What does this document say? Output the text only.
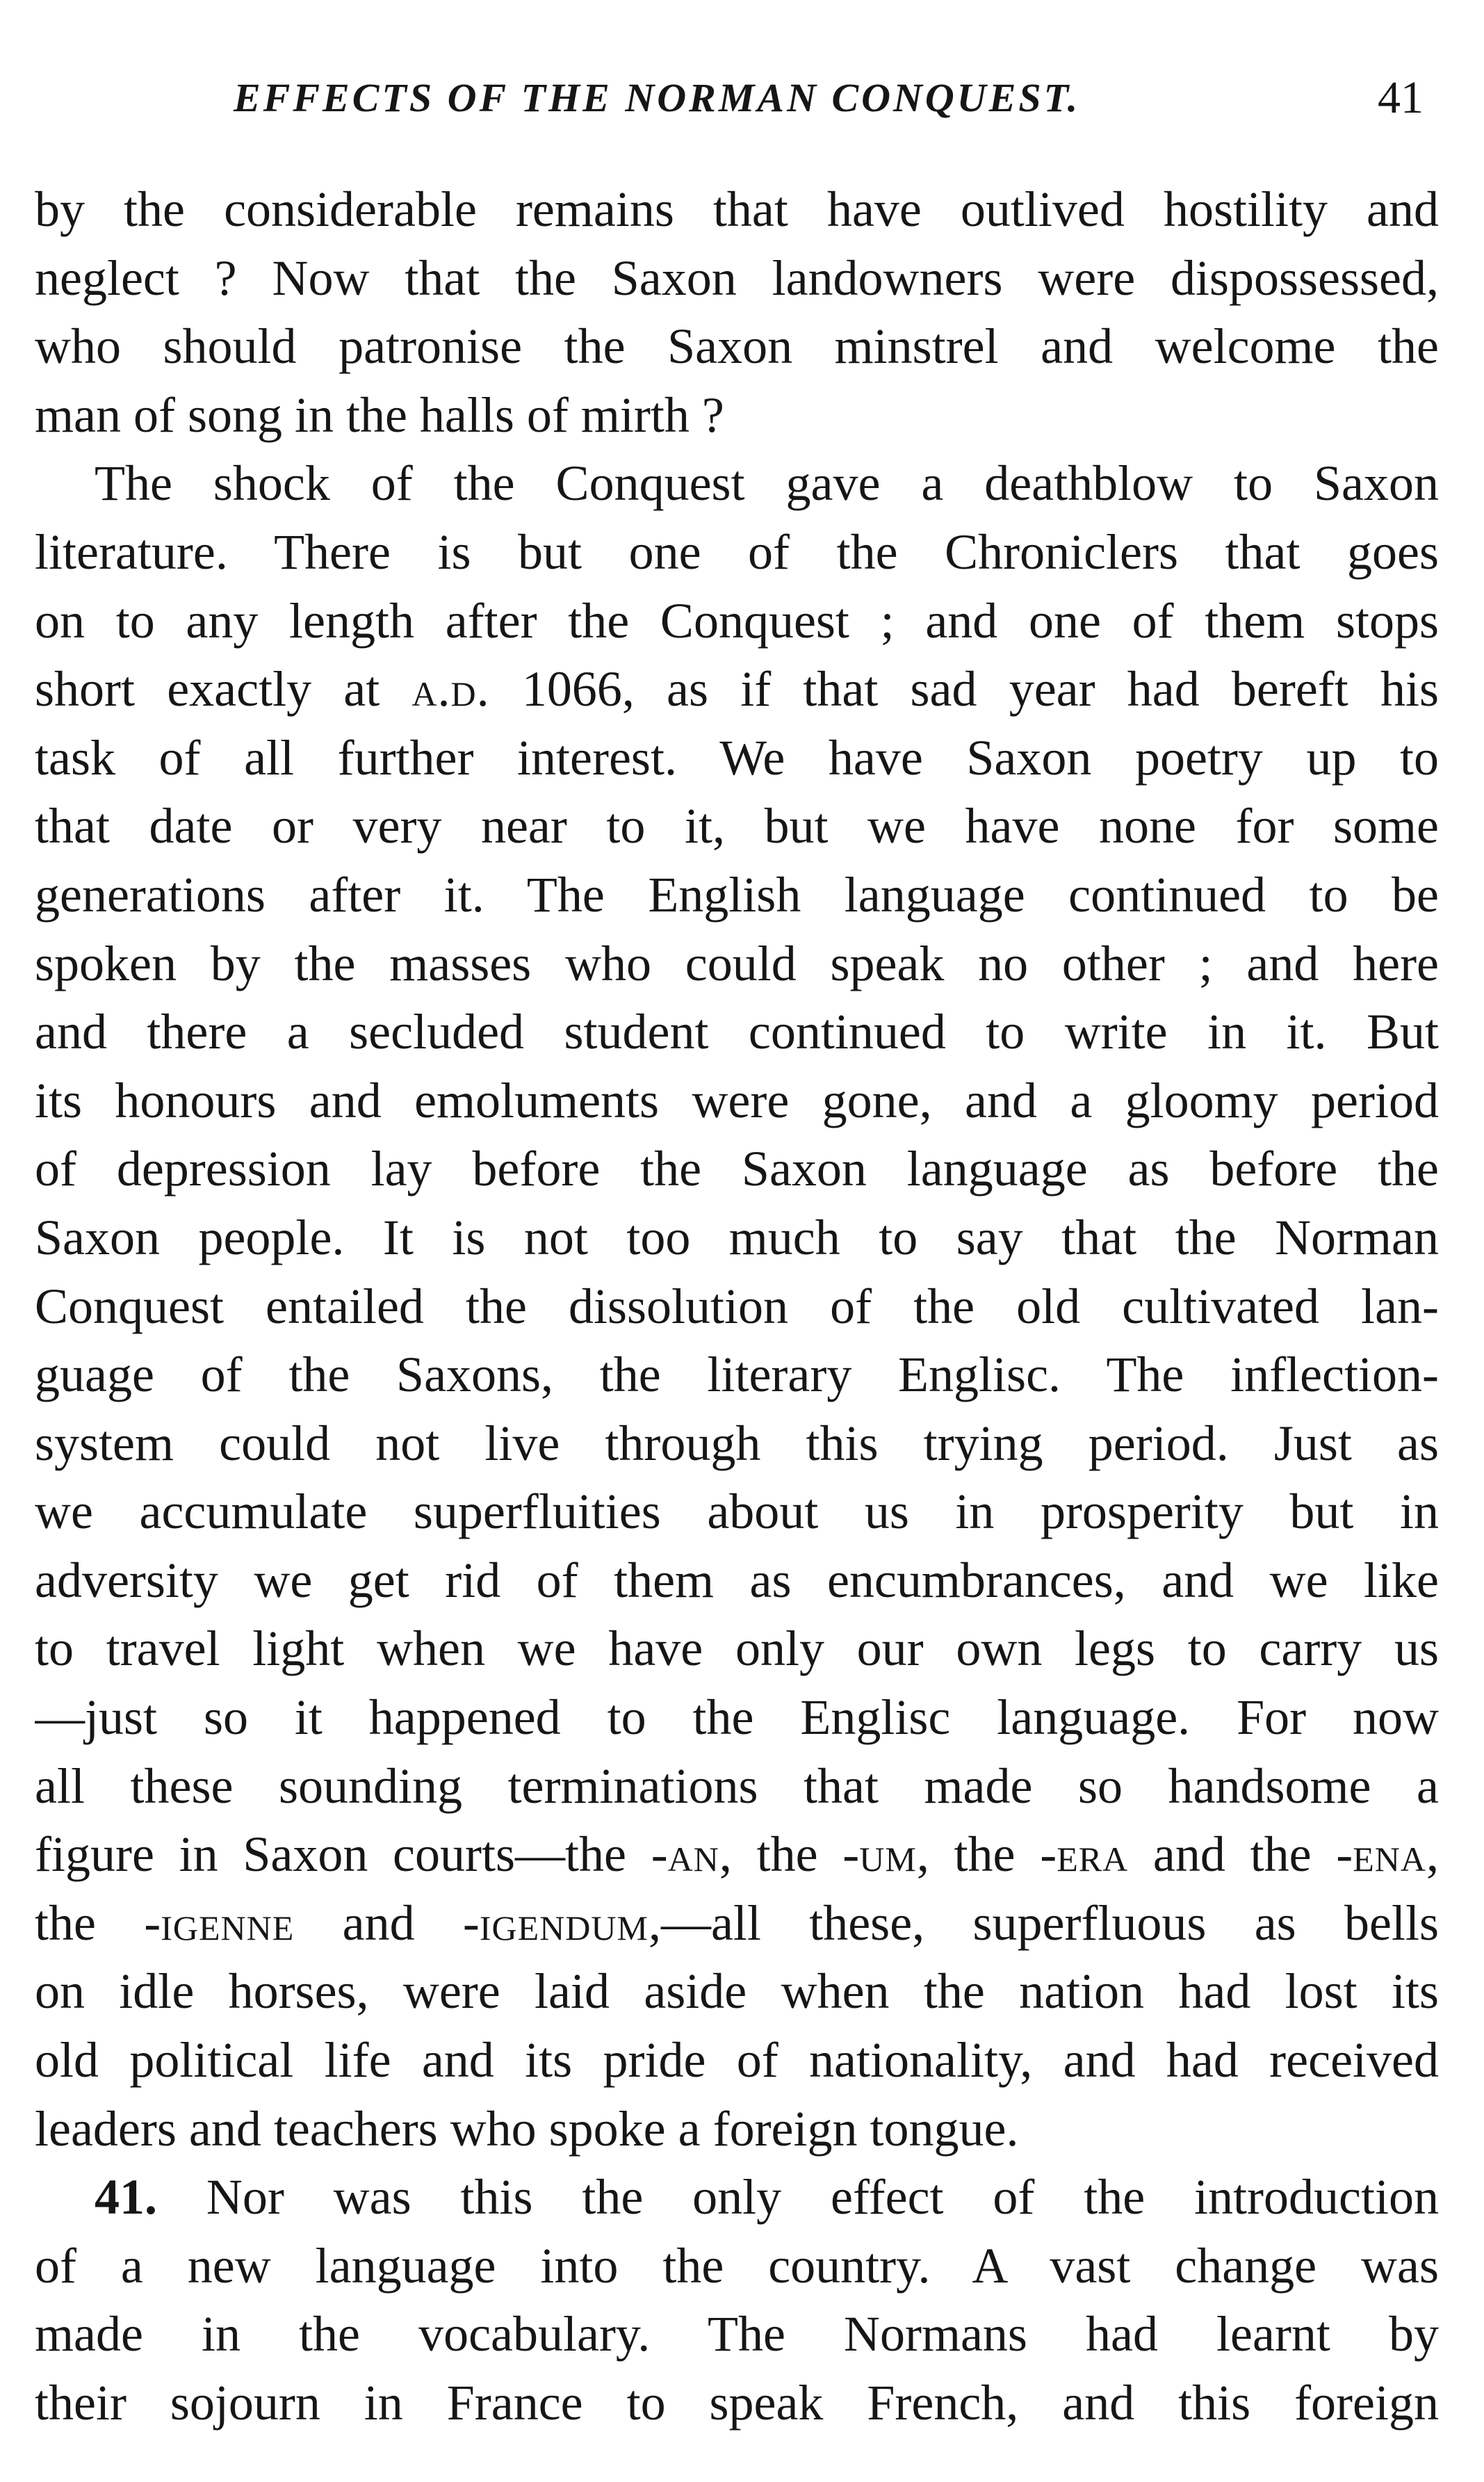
EFFECTS OF THE NORMAN CONQUEST.	41
by the considerable remains that have outlived hostility and
neglect ? Now that the Saxon landowners were dispossessed,
who should patronise the Saxon minstrel and welcome the
man of song in the halls of mirth ?
The shock of the Conquest gave a deathblow to Saxon
literature. There is but one of the Chroniclers that goes
on to any length after the Conquest ; and one of them stops
short exactly at a.d. 1066, as if that sad year had bereft his
task of all further interest. We have Saxon poetry up to
that date or very near to it, but we have none for some
generations after it. The English language continued to be
spoken by the masses who could speak no other ; and here
and there a secluded student continued to write in it. But
its honours and emoluments were gone, and a gloomy period
of depression lay before the Saxon language as before the
Saxon people. It is not too much to say that the Norman
Conquest entailed the dissolution of the old cultivated lan-
guage of the Saxons, the literary Englisc. The inflection-
system could not live through this trying period. Just as
we accumulate superfluities about us in prosperity but in
adversity we get rid of them as encumbrances, and we like
to travel light when we have only our own legs to carry us
—just so it happened to the Englisc language. For now
all these sounding terminations that made so handsome a
figure in Saxon courts—the -an, the -um, the -era and the -ena,
the -igenne and -igendum,—all these, superfluous as bells
on idle horses, were laid aside when the nation had lost its
old political life and its pride of nationality, and had received
leaders and teachers who spoke a foreign tongue.
41. Nor was this the only effect of the introduction
of a new language into the country. A vast change was
made in the vocabulary. The Normans had learnt by
their sojourn in France to speak French, and this foreign
